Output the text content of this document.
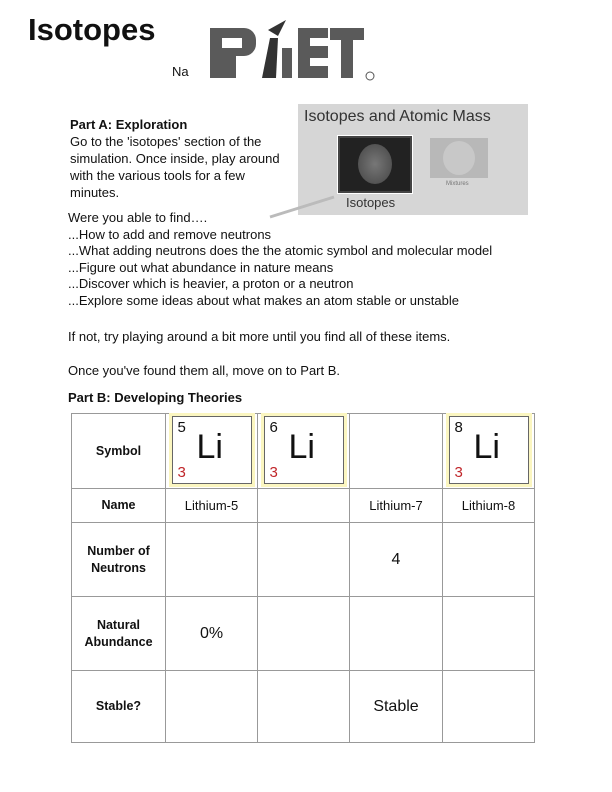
Isotopes
Na
Part A: Exploration
Go to the 'isotopes' section of the simulation. Once inside, play around with the various tools for a few minutes.
Isotopes and Atomic Mass
Isotopes
Mixtures
Were you able to find….
...How to add and remove neutrons
...What adding neutrons does the the atomic symbol and molecular model
...Figure out what abundance in nature means
...Discover which is heavier, a proton or a neutron
...Explore some ideas about what makes an atom stable or unstable
If not, try playing around a bit more until you find all of these items.
Once you've found them all, move on to Part B.
Part B: Developing Theories
Symbol	5
Li
3	6
Li
3		8
Li
3

Name	Lithium-5		Lithium-7	Lithium-8
Number of Neutrons			4	
Natural Abundance	0%			
Stable?			Stable	
